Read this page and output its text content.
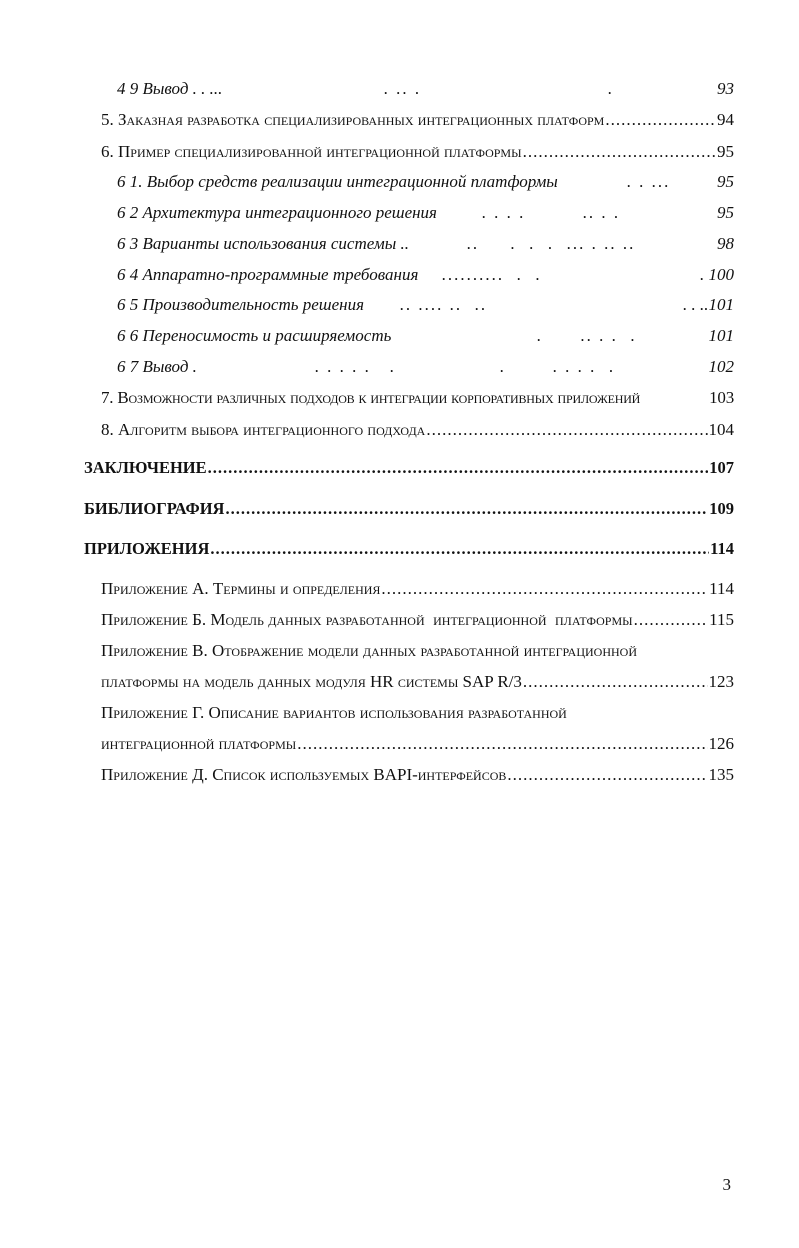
4 9 Вывод . . ...	. .. .	.	93
5. Заказная разработка специализированных интеграционных платформ .....	94
6. Пример специализированной интеграционной платформы .....	95
6 1. Выбор средств реализации интеграционной платформы	. . ...	95
6 2 Архитектура интеграционного решения	. . . .	.. . .	95
6 3 Варианты использования системы ..	..     .  .  .  ... . .. ..	98
6 4 Аппаратно-программные требования ..........  .  .	. 100
6 5 Производительность решения .. .... ..  ..	. . ..101
6 6 Переносимость и расширяемость	.      .. . .  .	101
6 7 Вывод .	. . . . .   .	.	. . . .  .	102
7. Возможности различных подходов к интеграции корпоративных приложений	103
8. Алгоритм выбора интеграционного подхода .....	104
ЗАКЛЮЧЕНИЕ .....	107
БИБЛИОГРАФИЯ .....	109
ПРИЛОЖЕНИЯ .....	114
Приложение А. Термины и определения .....	114
Приложение Б. Модель данных разработанной  интеграционной  платформы .....	115
Приложение В. Отображение модели данных разработанной интеграционной
платформы на модель данных модуля HR системы SAP R/3 .....	123
Приложение Г. Описание вариантов использования разработанной
интеграционной платформы .....	126
Приложение Д. Список используемых BAPI-интерфейсов .....	135
3
